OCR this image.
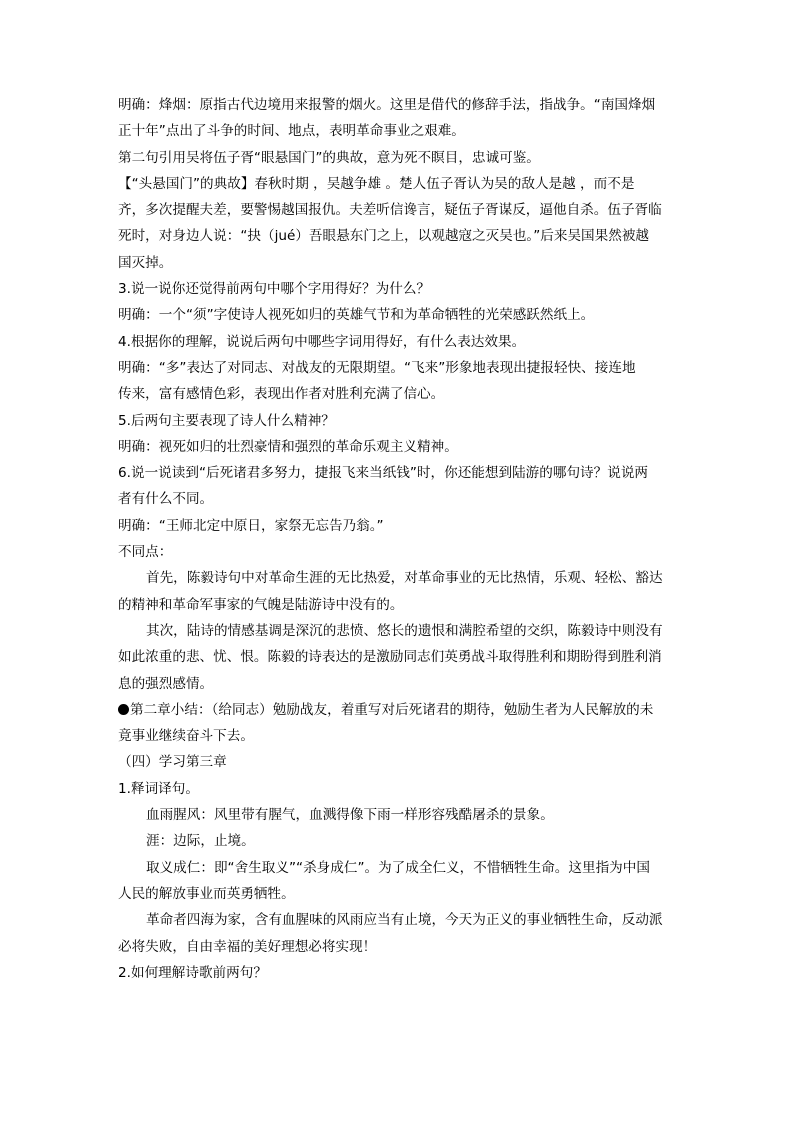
明确：烽烟：原指古代边境用来报警的烟火。这里是借代的修辞手法，指战争。“南国烽烟

正十年”点出了斗争的时间、地点，表明革命事业之艰难。

第二句引用吴将伍子胥“眼悬国门”的典故，意为死不瞑目，忠诚可鉴。

【“头悬国门”的典故】春秋时期 ，吴越争雄 。楚人伍子胥认为吴的敌人是越 ，而不是

齐，多次提醒夫差，要警惕越国报仇。夫差听信谗言，疑伍子胥谋反，逼他自杀。伍子胥临

死时，对身边人说：“抉（jué）吾眼悬东门之上，以观越寇之灭吴也。”后来吴国果然被越

国灭掉。

3.说一说你还觉得前两句中哪个字用得好？为什么？

明确：一个“须”字使诗人视死如归的英雄气节和为革命牺牲的光荣感跃然纸上。

4.根据你的理解，说说后两句中哪些字词用得好，有什么表达效果。

明确：“多”表达了对同志、对战友的无限期望。“飞来”形象地表现出捷报轻快、接连地

传来，富有感情色彩，表现出作者对胜利充满了信心。

5.后两句主要表现了诗人什么精神？

明确：视死如归的壮烈豪情和强烈的革命乐观主义精神。

6.说一说读到“后死诸君多努力，捷报飞来当纸钱”时，你还能想到陆游的哪句诗？说说两

者有什么不同。

明确：“王师北定中原日，家祭无忘告乃翁。”

不同点：

首先，陈毅诗句中对革命生涯的无比热爱，对革命事业的无比热情，乐观、轻松、豁达

的精神和革命军事家的气魄是陆游诗中没有的。

其次，陆诗的情感基调是深沉的悲愤、悠长的遗恨和满腔希望的交织，陈毅诗中则没有

如此浓重的悲、忧、恨。陈毅的诗表达的是激励同志们英勇战斗取得胜利和期盼得到胜利消

息的强烈感情。

第二章小结：（给同志）勉励战友，着重写对后死诸君的期待，勉励生者为人民解放的未

竟事业继续奋斗下去。

（四）学习第三章

1.释词译句。

血雨腥风：风里带有腥气，血溅得像下雨一样形容残酷屠杀的景象。

涯：边际，止境。

取义成仁：即“舍生取义”“杀身成仁”。为了成全仁义，不惜牺牲生命。这里指为中国

人民的解放事业而英勇牺牲。

革命者四海为家，含有血腥味的风雨应当有止境，今天为正义的事业牺牲生命，反动派

必将失败，自由幸福的美好理想必将实现！

2.如何理解诗歌前两句？
